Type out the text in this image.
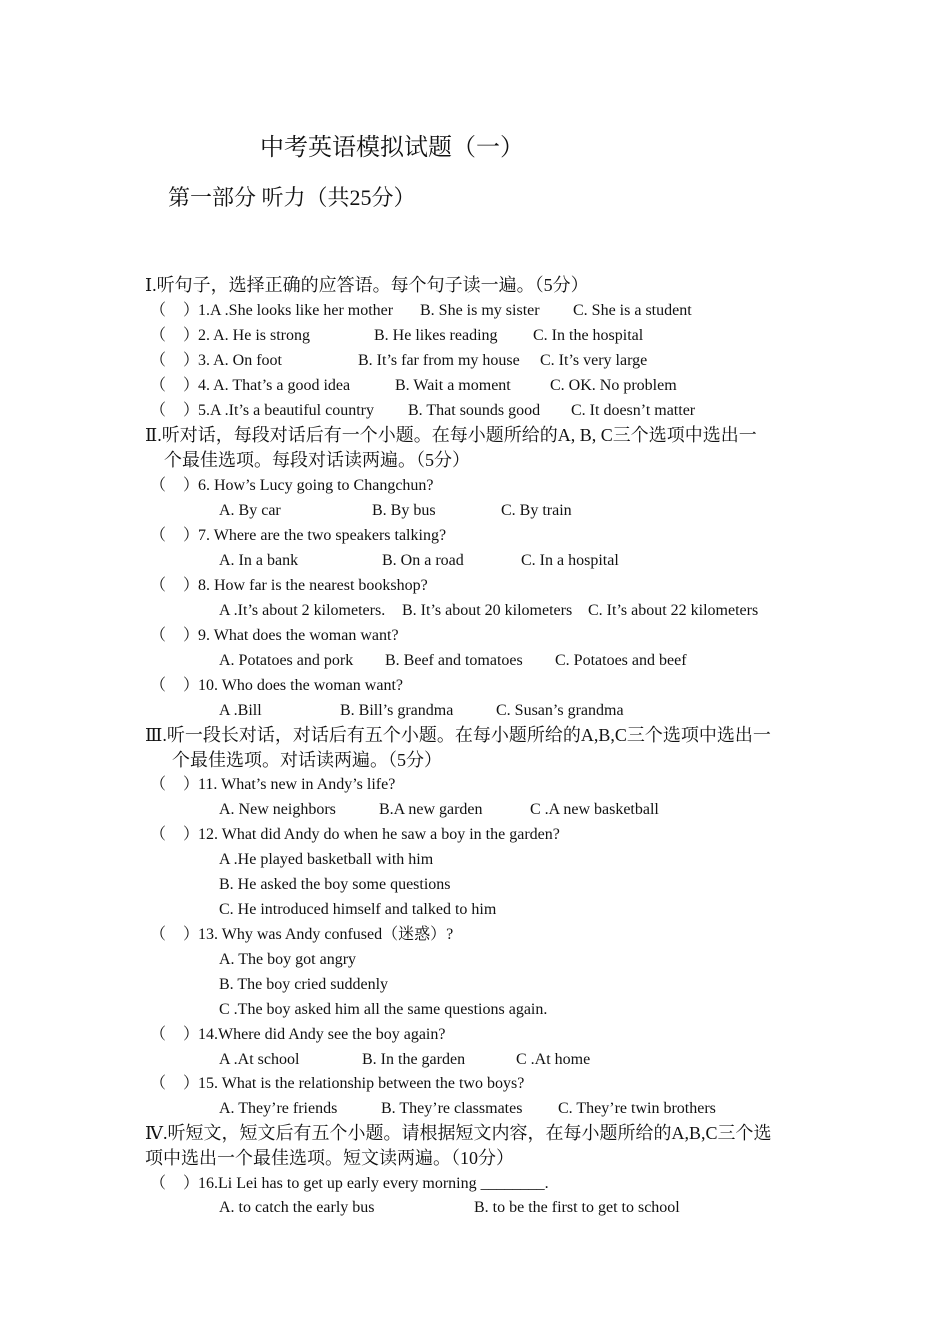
中考英语模拟试题（一）
第一部分 听力（共25分）
Ⅰ.听句子，选择正确的应答语。每个句子读一遍。（5分）
（ ）
1.A .She looks like her mother B. She is my sister C. She is a student
（ ）
2. A. He is strong	B. He likes reading C. In the hospital
（ ）
3. A. On foot	B. It’s far from my house C. It’s very large
（ ）
4. A. That’s a good idea	B. Wait a moment C. OK. No problem
（ ）
5.A .It’s a beautiful country B. That sounds good C. It doesn’t matter
Ⅱ.听对话，每段对话后有一个小题。在每小题所给的A, B, C三个选项中选出一
个最佳选项。每段对话读两遍。（5分）
（ ）
6. How’s Lucy going to Changchun?
A. By car	B. By bus	C. By train
（ ）
7. Where are the two speakers talking?
A. In a bank	B. On a road	C. In a hospital
（ ）
8. How far is the nearest bookshop?
A .It’s about 2 kilometers. B. It’s about 20 kilometers C. It’s about 22 kilometers
（ ）
9. What does the woman want?
A. Potatoes and pork B. Beef and tomatoes C. Potatoes and beef
（ ）
10. Who does the woman want?
A .Bill	B. Bill’s grandma	C. Susan’s grandma
Ⅲ.听一段长对话，对话后有五个小题。在每小题所给的A,B,C三个选项中选出一
个最佳选项。对话读两遍。（5分）
（ ）
11. What’s new in Andy’s life?
A. New neighbors	B.A new garden	C .A new basketball
（ ）
12. What did Andy do when he saw a boy in the garden?
A .He played basketball with him
B. He asked the boy some questions
C. He introduced himself and talked to him
（ ）
13. Why was Andy confused（迷惑）?
A. The boy got angry
B. The boy cried suddenly
C .The boy asked him all the same questions again.
（ ）
14.Where did Andy see the boy again?
A .At school	B. In the garden	C .At home
（ ）
15. What is the relationship between the two boys?
A. They’re friends	B. They’re classmates C. They’re twin brothers
Ⅳ.听短文，短文后有五个小题。请根据短文内容，在每小题所给的A,B,C三个选
项中选出一个最佳选项。短文读两遍。（10分）
（ ）
16.Li Lei has to get up early every morning ________.
A. to catch the early bus	B. to be the first to get to school
